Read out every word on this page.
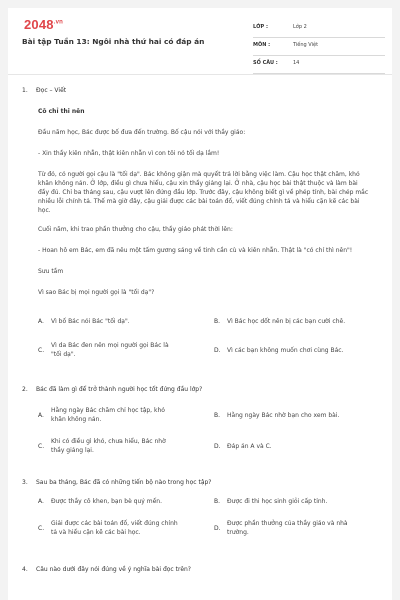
$2048^{.vn}$
Bài tập Tuần 13: Ngôi nhà thứ hai có đáp án
LỚP :	Lớp 2
MÔN :	Tiếng Việt
SỐ CÂU :	14
1. Đọc – Viết

Cô chỉ thi nên

Đầu năm học, Bác được bố đưa đến trường. Bố cậu nói với thầy giáo:

- Xin thầy kiên nhẫn, thật kiên nhẫn vì con tôi nó tối dạ lắm!

Từ đó, có người gọi cậu là "tối dạ". Bác không giận mà quyết trả lời bằng việc làm. Cậu học thật chăm, khó khăn không nản. Ở lớp, điều gì chưa hiểu, cậu xin thầy giảng lại. Ở nhà, cậu học bài thật thuộc và làm bài đầy đủ. Chỉ ba tháng sau, cậu vượt lên đứng đầu lớp. Trước đây, cậu không biết gì về phép tính, bài chép mắc nhiều lỗi chính tả. Thế mà giờ đây, cậu giải được các bài toán đố, viết đúng chính tả và hiểu cặn kẽ các bài học.

Cuối năm, khi trao phần thưởng cho cậu, thầy giáo phát thời lên:

- Hoan hô em Bác, em đã nêu một tấm gương sáng về tinh cần cù và kiên nhẫn. Thật là "có chí thì nên"!

Sưu tầm

Vì sao Bác bị mọi người gọi là "tối dạ"?

A. Vì bố Bác nói Bác "tối dạ".	B. Vì Bác học dốt nên bị các bạn cười chê.
C.
Vì da Bác đen nên mọi người gọi Bác là "tối dạ".
D. Vì các bạn không muốn chơi cùng Bác.
2. Bác đã làm gì để trở thành người học tốt đứng đầu lớp?
A.
Hằng ngày Bác chăm chỉ học tập, khó khăn không nản.
B. Hằng ngày Bác nhờ bạn cho xem bài.
C.
Khi có điều gì khó, chưa hiểu, Bác nhờ thầy giảng lại.
D. Đáp án A và C.
3. Sau ba tháng, Bác đã có những tiến bộ nào trong học tập?
A. Được thầy cô khen, bạn bè quý mến.	B. Được đi thi học sinh giỏi cấp tỉnh.
C.
Giải được các bài toán đố, viết đúng chính tả và hiểu cặn kẽ các bài học.
D.
Được phần thưởng của thầy giáo và nhà trường.
4. Câu nào dưới đây nói đúng về ý nghĩa bài đọc trên?
